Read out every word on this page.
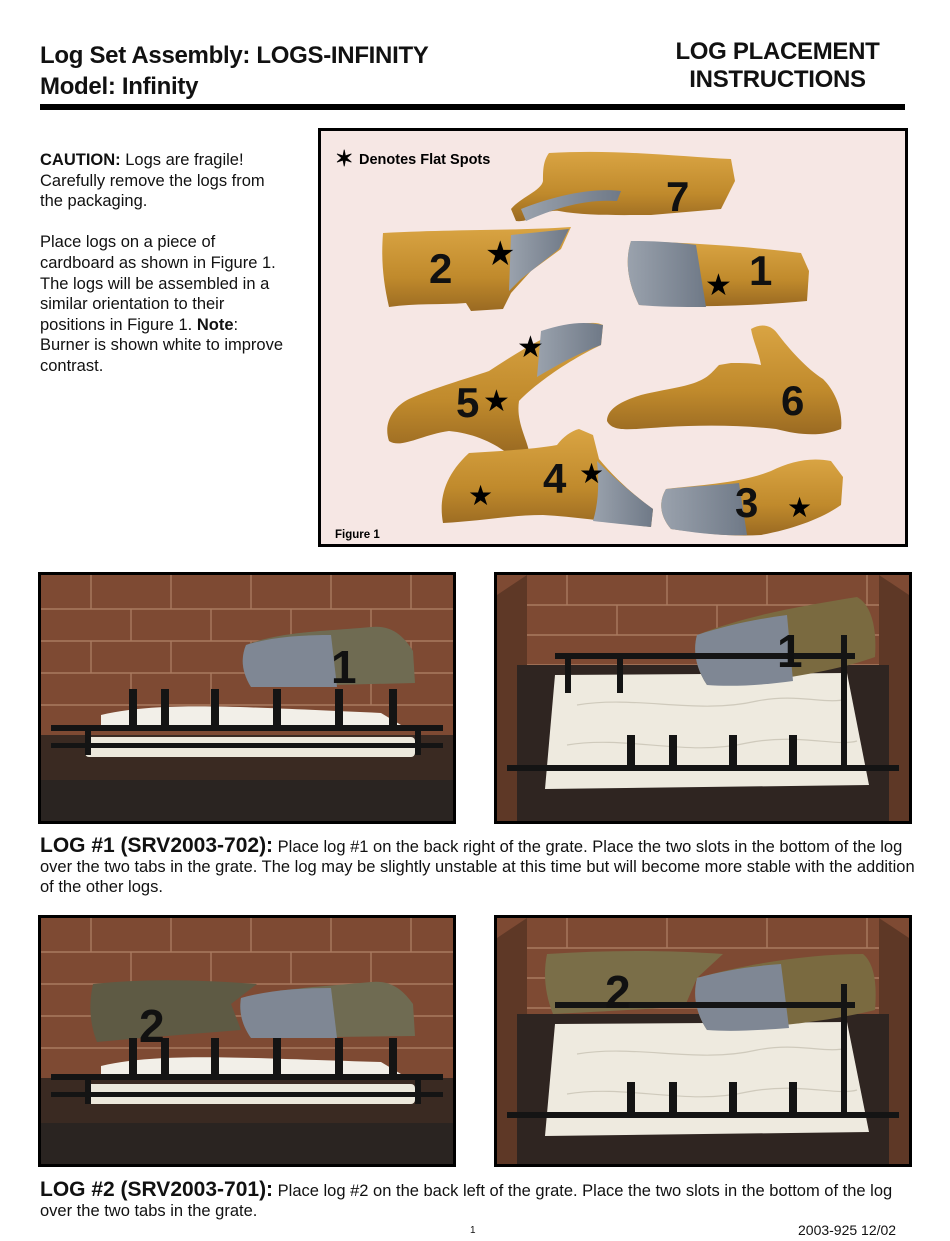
Log Set Assembly: LOGS-INFINITY
Model: Infinity
LOG PLACEMENT
INSTRUCTIONS

CAUTION: Logs are fragile! Carefully remove the logs from the packaging.

Place logs on a piece of cardboard as shown in Figure 1. The logs will be assembled in a similar orientation to their positions in Figure 1. Note: Burner is shown white to improve contrast.

✶ Denotes Flat Spots
7
2 ★	1
★
5
★
★	6
4 ★
★	3 ★
Figure 1
1	1
LOG #1 (SRV2003-702): Place log #1 on the back right of the grate. Place the two slots in the bottom of the log over the two tabs in the grate. The log may be slightly unstable at this time but will become more stable with the addition of the other logs.
2
2
LOG #2 (SRV2003-701): Place log #2 on the back left of the grate. Place the two slots in the bottom of the log over the two tabs in the grate.
1	2003-925 12/02
